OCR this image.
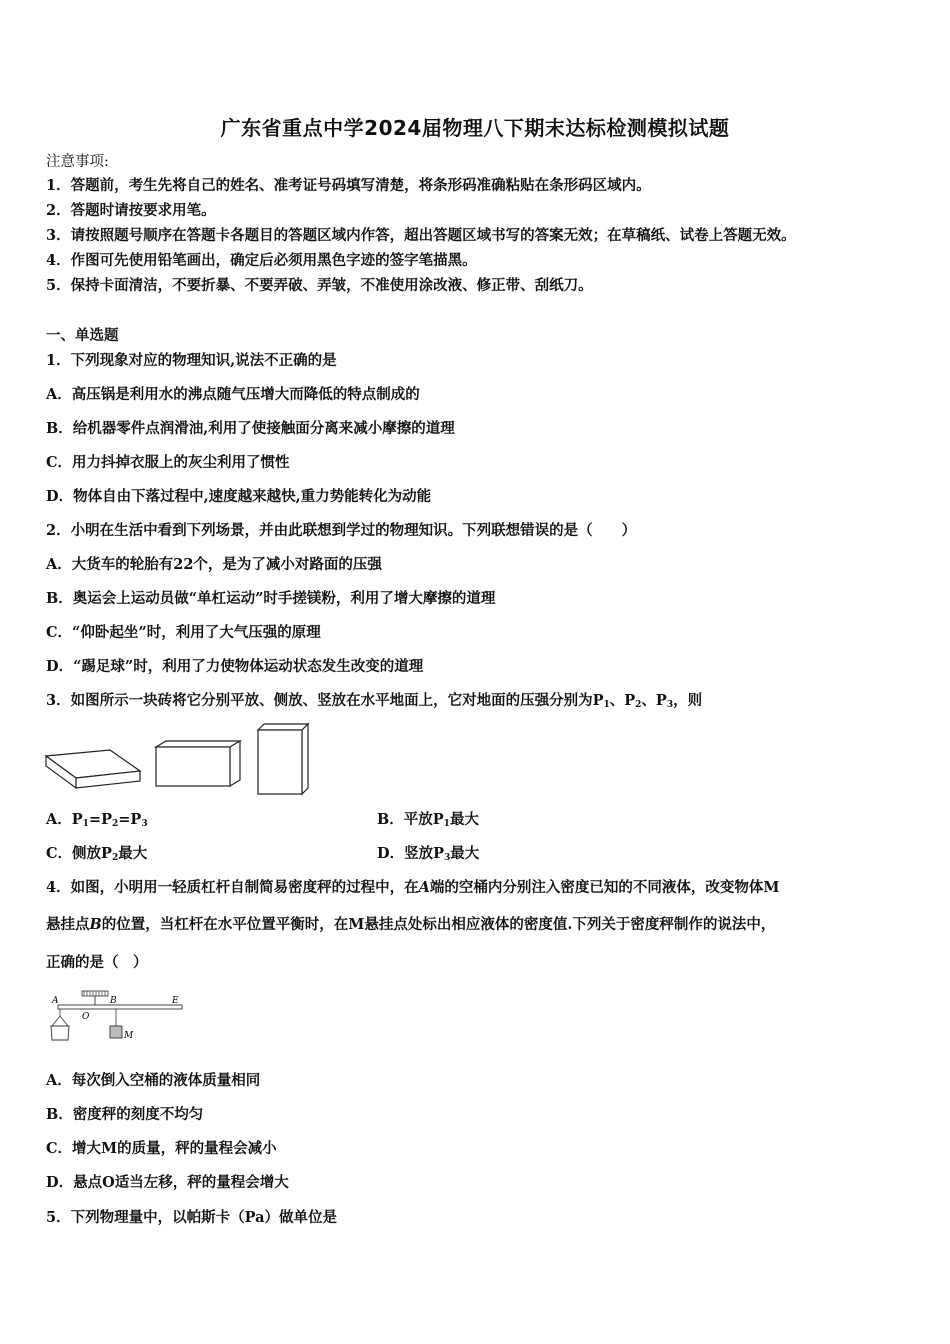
广东省重点中学2024届物理八下期末达标检测模拟试题
注意事项:
1．答题前，考生先将自己的姓名、准考证号码填写清楚，将条形码准确粘贴在条形码区域内。
2．答题时请按要求用笔。
3．请按照题号顺序在答题卡各题目的答题区域内作答，超出答题区域书写的答案无效；在草稿纸、试卷上答题无效。
4．作图可先使用铅笔画出，确定后必须用黑色字迹的签字笔描黑。
5．保持卡面清洁，不要折暴、不要弄破、弄皱，不准使用涂改液、修正带、刮纸刀。
一、单选题
1．下列现象对应的物理知识,说法不正确的是
A．高压锅是利用水的沸点随气压增大而降低的特点制成的
B．给机器零件点润滑油,利用了使接触面分离来减小摩擦的道理
C．用力抖掉衣服上的灰尘利用了惯性
D．物体自由下落过程中,速度越来越快,重力势能转化为动能
2．小明在生活中看到下列场景，并由此联想到学过的物理知识。下列联想错误的是（　　）
A．大货车的轮胎有22个，是为了减小对路面的压强
B．奥运会上运动员做“单杠运动”时手搓镁粉，利用了增大摩擦的道理
C．“仰卧起坐”时，利用了大气压强的原理
D．“踢足球”时，利用了力使物体运动状态发生改变的道理
3．如图所示一块砖将它分别平放、侧放、竖放在水平地面上，它对地面的压强分别为$P_1$、$P_2$、$P_3$，则
A．$P_1=P_2=P_3$	B．平放$P_1$最大
C．侧放$P_2$最大	D．竖放$P_3$最大
4．如图，小明用一轻质杠杆自制简易密度秤的过程中，在A端的空桶内分别注入密度已知的不同液体，改变物体M
悬挂点B的位置，当杠杆在水平位置平衡时，在M悬挂点处标出相应液体的密度值.下列关于密度秤制作的说法中，
正确的是（　）
A
O
B	E
M
A．每次倒入空桶的液体质量相同
B．密度秤的刻度不均匀
C．增大M的质量，秤的量程会减小
D．悬点O适当左移，秤的量程会增大
5．下列物理量中，以帕斯卡（Pa）做单位是
